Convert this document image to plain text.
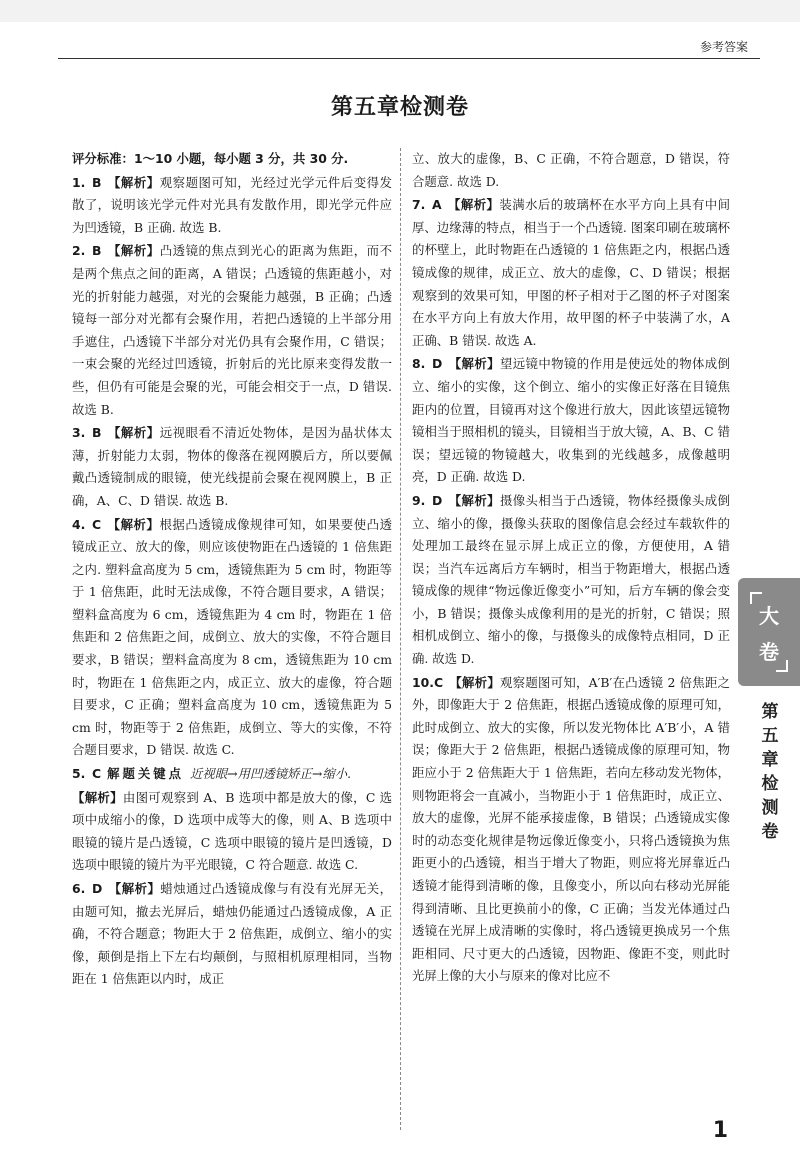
参考答案
第五章检测卷

评分标准：1～10 小题，每小题 3 分，共 30 分.

1. B 【解析】观察题图可知，光经过光学元件后变得发散了，说明该光学元件对光具有发散作用，即光学元件应为凹透镜，B 正确. 故选 B.

2. B 【解析】凸透镜的焦点到光心的距离为焦距，而不是两个焦点之间的距离，A 错误；凸透镜的焦距越小，对光的折射能力越强，对光的会聚能力越强，B 正确；凸透镜每一部分对光都有会聚作用，若把凸透镜的上半部分用手遮住，凸透镜下半部分对光仍具有会聚作用，C 错误；一束会聚的光经过凹透镜，折射后的光比原来变得发散一些，但仍有可能是会聚的光，可能会相交于一点，D 错误. 故选 B.

3. B 【解析】远视眼看不清近处物体，是因为晶状体太薄，折射能力太弱，物体的像落在视网膜后方，所以要佩戴凸透镜制成的眼镜，使光线提前会聚在视网膜上，B 正确，A、C、D 错误. 故选 B.

4. C 【解析】根据凸透镜成像规律可知，如果要使凸透镜成正立、放大的像，则应该使物距在凸透镜的 1 倍焦距之内. 塑料盒高度为 5 cm，透镜焦距为 5 cm 时，物距等于 1 倍焦距，此时无法成像，不符合题目要求，A 错误；塑料盒高度为 6 cm，透镜焦距为 4 cm 时，物距在 1 倍焦距和 2 倍焦距之间，成倒立、放大的实像，不符合题目要求，B 错误；塑料盒高度为 8 cm，透镜焦距为 10 cm 时，物距在 1 倍焦距之内，成正立、放大的虚像，符合题目要求，C 正确；塑料盒高度为 10 cm，透镜焦距为 5 cm 时，物距等于 2 倍焦距，成倒立、等大的实像，不符合题目要求，D 错误. 故选 C.

5. C 解题关键点 近视眼→用凹透镜矫正→缩小.

【解析】由图可观察到 A、B 选项中都是放大的像，C 选项中成缩小的像，D 选项中成等大的像，则 A、B 选项中眼镜的镜片是凸透镜，C 选项中眼镜的镜片是凹透镜，D 选项中眼镜的镜片为平光眼镜，C 符合题意. 故选 C.

6. D 【解析】蜡烛通过凸透镜成像与有没有光屏无关，由题可知，撤去光屏后，蜡烛仍能通过凸透镜成像，A 正确，不符合题意；物距大于 2 倍焦距，成倒立、缩小的实像，颠倒是指上下左右均颠倒，与照相机原理相同，当物距在 1 倍焦距以内时，成正

立、放大的虚像，B、C 正确，不符合题意，D 错误，符合题意. 故选 D.

7. A 【解析】装满水后的玻璃杯在水平方向上具有中间厚、边缘薄的特点，相当于一个凸透镜. 图案印刷在玻璃杯的杯壁上，此时物距在凸透镜的 1 倍焦距之内，根据凸透镜成像的规律，成正立、放大的虚像，C、D 错误；根据观察到的效果可知，甲图的杯子相对于乙图的杯子对图案在水平方向上有放大作用，故甲图的杯子中装满了水，A 正确、B 错误. 故选 A.

8. D 【解析】望远镜中物镜的作用是使远处的物体成倒立、缩小的实像，这个倒立、缩小的实像正好落在目镜焦距内的位置，目镜再对这个像进行放大，因此该望远镜物镜相当于照相机的镜头，目镜相当于放大镜，A、B、C 错误；望远镜的物镜越大，收集到的光线越多，成像越明亮，D 正确. 故选 D.

9. D 【解析】摄像头相当于凸透镜，物体经摄像头成倒立、缩小的像，摄像头获取的图像信息会经过车载软件的处理加工最终在显示屏上成正立的像，方便使用，A 错误；当汽车远离后方车辆时，相当于物距增大，根据凸透镜成像的规律“物远像近像变小”可知，后方车辆的像会变小，B 错误；摄像头成像利用的是光的折射，C 错误；照相机成倒立、缩小的像，与摄像头的成像特点相同，D 正确. 故选 D.

10.C 【解析】观察题图可知，A′B′在凸透镜 2 倍焦距之外，即像距大于 2 倍焦距，根据凸透镜成像的原理可知，此时成倒立、放大的实像，所以发光物体比 A′B′小，A 错误；像距大于 2 倍焦距，根据凸透镜成像的原理可知，物距应小于 2 倍焦距大于 1 倍焦距，若向左移动发光物体，则物距将会一直减小，当物距小于 1 倍焦距时，成正立、放大的虚像，光屏不能承接虚像，B 错误；凸透镜成实像时的动态变化规律是物远像近像变小，只将凸透镜换为焦距更小的凸透镜，相当于增大了物距，则应将光屏靠近凸透镜才能得到清晰的像，且像变小，所以向右移动光屏能得到清晰、且比更换前小的像，C 正确；当发光体通过凸透镜在光屏上成清晰的实像时，将凸透镜更换成另一个焦距相同、尺寸更大的凸透镜，因物距、像距不变，则此时光屏上像的大小与原来的像对比应不

大
卷
第五章检测卷
1
